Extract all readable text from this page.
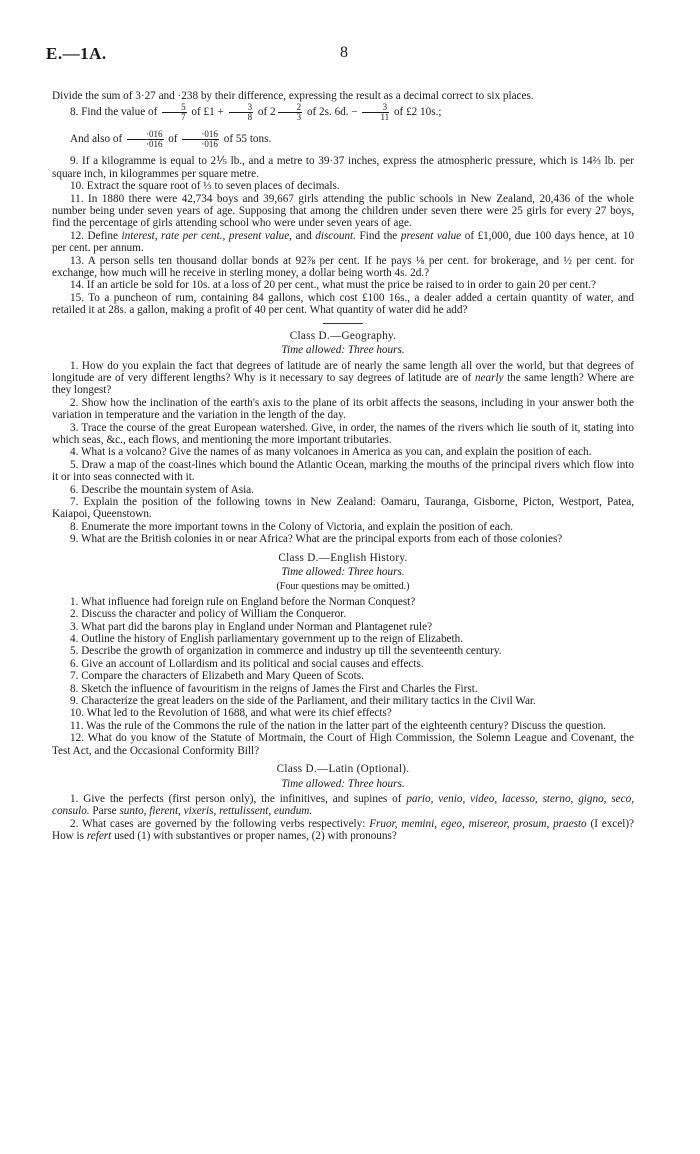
E.—1A.	8

Divide the sum of 3·27 and ·238 by their difference, expressing the result as a decimal correct to six places.

8. Find the value of $\frac{5}{7}$ of £1 + $\frac{3}{8}$ of $2 \frac{2}{3}$ of 2s. 6d. − $\frac{3}{11}$ of £2 10s.;

And also of $\frac{\cdot 016}{\cdot 016}$ of $\frac{\cdot 016}{\cdot 016}$ of 55 tons.

9. If a kilogramme is equal to 2⅕ lb., and a metre to 39·37 inches, express the atmospheric pressure, which is 14⅔ lb. per square inch, in kilogrammes per square metre.

10. Extract the square root of ⅓ to seven places of decimals.

11. In 1880 there were 42,734 boys and 39,667 girls attending the public schools in New Zealand, 20,436 of the whole number being under seven years of age. Supposing that among the children under seven there were 25 girls for every 27 boys, find the percentage of girls attending school who were under seven years of age.

12. Define interest, rate per cent., present value, and discount. Find the present value of £1,000, due 100 days hence, at 10 per cent. per annum.

13. A person sells ten thousand dollar bonds at 92⅞ per cent. If he pays ⅛ per cent. for brokerage, and ½ per cent. for exchange, how much will he receive in sterling money, a dollar being worth 4s. 2d.?

14. If an article be sold for 10s. at a loss of 20 per cent., what must the price be raised to in order to gain 20 per cent.?

15. To a puncheon of rum, containing 84 gallons, which cost £100 16s., a dealer added a certain quantity of water, and retailed it at 28s. a gallon, making a profit of 40 per cent. What quantity of water did he add?

Class D.—Geography.

Time allowed: Three hours.

1. How do you explain the fact that degrees of latitude are of nearly the same length all over the world, but that degrees of longitude are of very different lengths? Why is it necessary to say degrees of latitude are of nearly the same length? Where are they longest?

2. Show how the inclination of the earth's axis to the plane of its orbit affects the seasons, including in your answer both the variation in temperature and the variation in the length of the day.

3. Trace the course of the great European watershed. Give, in order, the names of the rivers which lie south of it, stating into which seas, &c., each flows, and mentioning the more important tributaries.

4. What is a volcano? Give the names of as many volcanoes in America as you can, and explain the position of each.

5. Draw a map of the coast-lines which bound the Atlantic Ocean, marking the mouths of the principal rivers which flow into it or into seas connected with it.

6. Describe the mountain system of Asia.

7. Explain the position of the following towns in New Zealand: Oamaru, Tauranga, Gisborne, Picton, Westport, Patea, Kaiapoi, Queenstown.

8. Enumerate the more important towns in the Colony of Victoria, and explain the position of each.

9. What are the British colonies in or near Africa? What are the principal exports from each of those colonies?

Class D.—English History.

Time allowed: Three hours.

(Four questions may be omitted.)

1. What influence had foreign rule on England before the Norman Conquest?

2. Discuss the character and policy of William the Conqueror.

3. What part did the barons play in England under Norman and Plantagenet rule?

4. Outline the history of English parliamentary government up to the reign of Elizabeth.

5. Describe the growth of organization in commerce and industry up till the seventeenth century.

6. Give an account of Lollardism and its political and social causes and effects.

7. Compare the characters of Elizabeth and Mary Queen of Scots.

8. Sketch the influence of favouritism in the reigns of James the First and Charles the First.

9. Characterize the great leaders on the side of the Parliament, and their military tactics in the Civil War.

10. What led to the Revolution of 1688, and what were its chief effects?

11. Was the rule of the Commons the rule of the nation in the latter part of the eighteenth century? Discuss the question.

12. What do you know of the Statute of Mortmain, the Court of High Commission, the Solemn League and Covenant, the Test Act, and the Occasional Conformity Bill?

Class D.—Latin (Optional).

Time allowed: Three hours.

1. Give the perfects (first person only), the infinitives, and supines of pario, venio, video, lacesso, sterno, gigno, seco, consulo. Parse sunto, fierent, vixeris, rettulissent, eundum.

2. What cases are governed by the following verbs respectively: Fruor, memini, egeo, misereor, prosum, praesto (I excel)? How is refert used (1) with substantives or proper names, (2) with pronouns?
